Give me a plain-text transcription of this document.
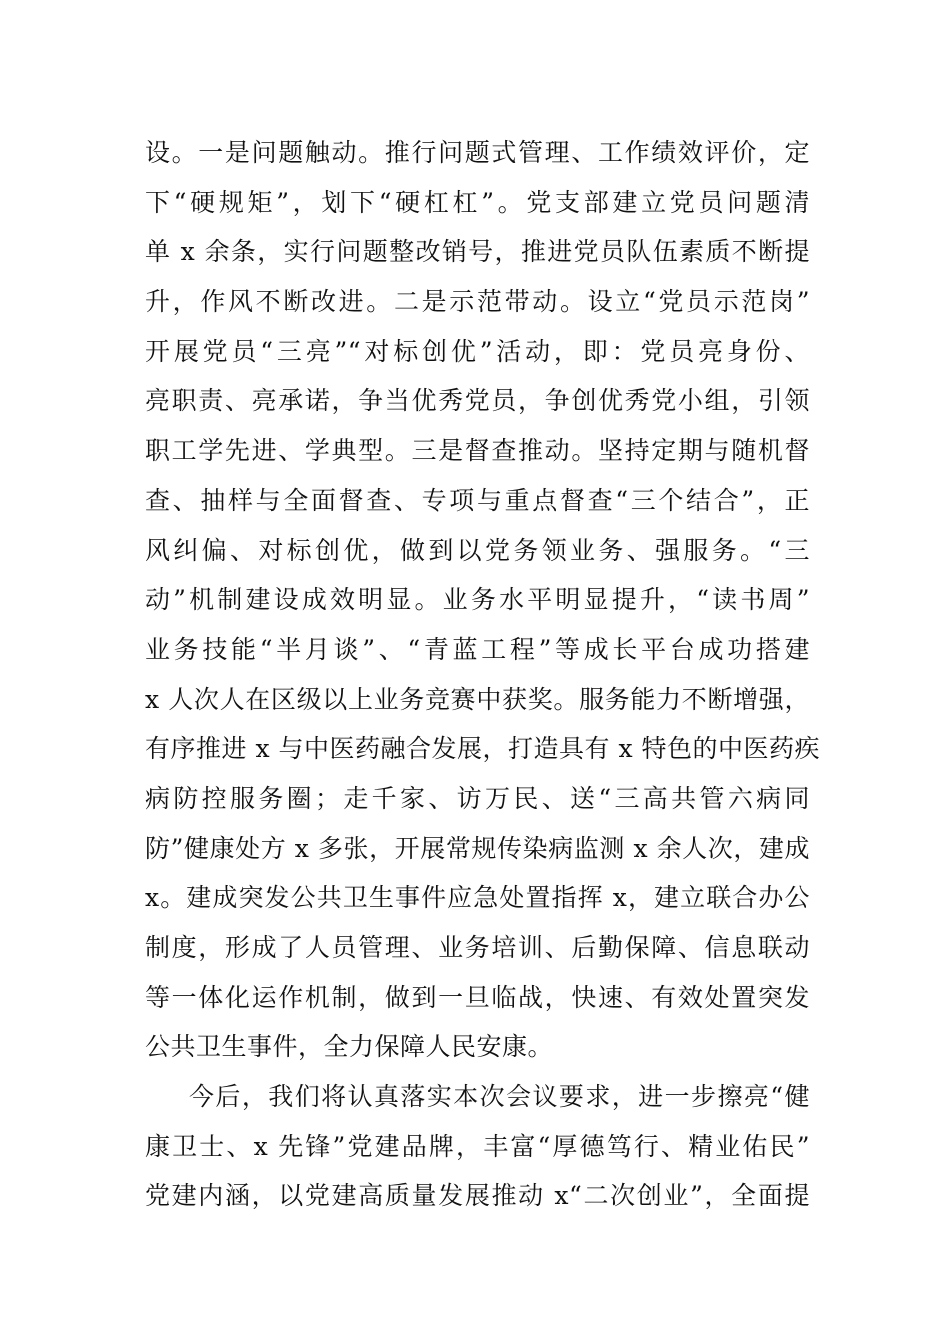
设。一是问题触动。推行问题式管理、工作绩效评价，定
下“硬规矩”，划下“硬杠杠”。党支部建立党员问题清
单 x 余条，实行问题整改销号，推进党员队伍素质不断提
升，作风不断改进。二是示范带动。设立“党员示范岗”
开展党员“三亮”“对标创优”活动，即：党员亮身份、
亮职责、亮承诺，争当优秀党员，争创优秀党小组，引领
职工学先进、学典型。三是督查推动。坚持定期与随机督
查、抽样与全面督查、专项与重点督查“三个结合”，正
风纠偏、对标创优，做到以党务领业务、强服务。“三
动”机制建设成效明显。业务水平明显提升，“读书周”
业务技能“半月谈”、“青蓝工程”等成长平台成功搭建
x 人次人在区级以上业务竞赛中获奖。服务能力不断增强，
有序推进 x 与中医药融合发展，打造具有 x 特色的中医药疾
病防控服务圈；走千家、访万民、送“三高共管六病同
防”健康处方 x 多张，开展常规传染病监测 x 余人次，建成
x。建成突发公共卫生事件应急处置指挥 x，建立联合办公
制度，形成了人员管理、业务培训、后勤保障、信息联动
等一体化运作机制，做到一旦临战，快速、有效处置突发
公共卫生事件，全力保障人民安康。
今后，我们将认真落实本次会议要求，进一步擦亮“健
康卫士、x 先锋”党建品牌，丰富“厚德笃行、精业佑民”
党建内涵，以党建高质量发展推动 x“二次创业”，全面提
